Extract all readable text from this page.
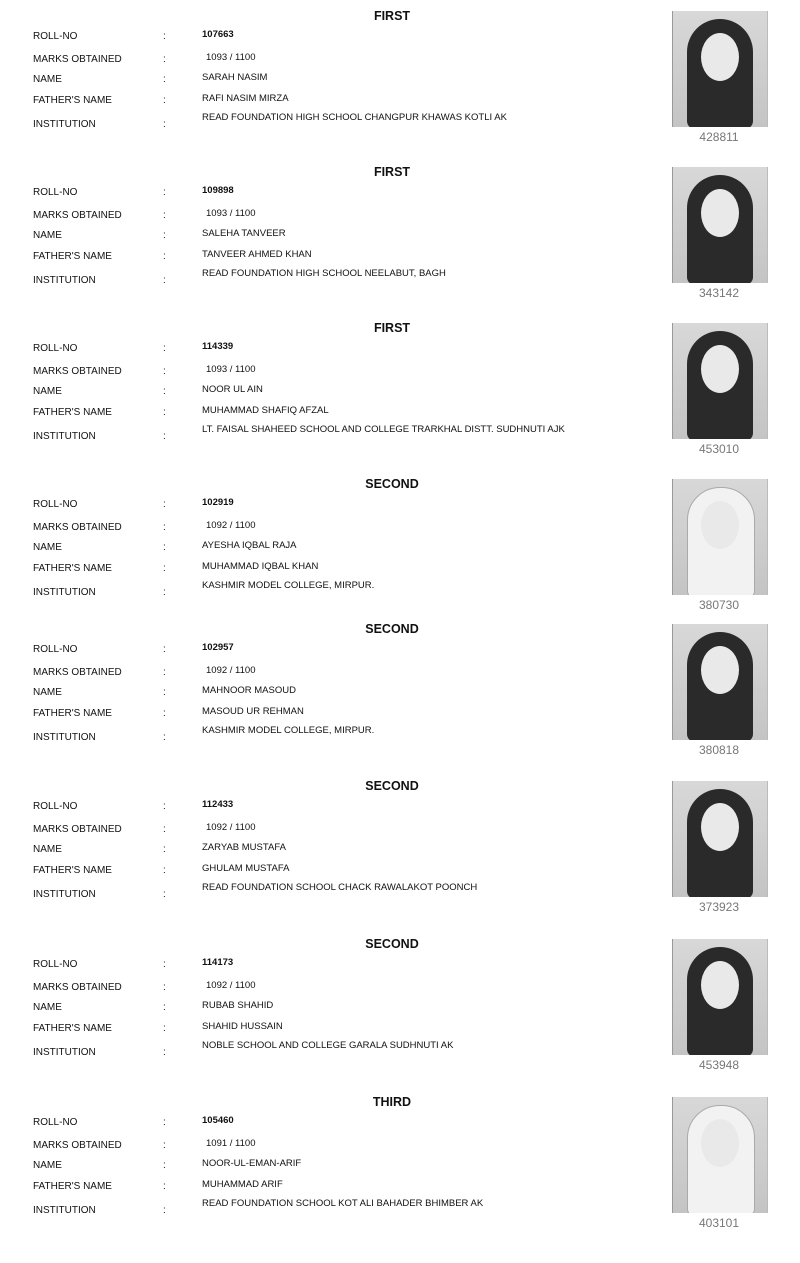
FIRST
ROLL-NO	:	107663
MARKS OBTAINED	:	1093 / 1100
NAME	:	SARAH NASIM
FATHER'S NAME	:	RAFI NASIM MIRZA
INSTITUTION	:
READ FOUNDATION HIGH SCHOOL CHANGPUR KHAWAS KOTLI AK
428811
FIRST
ROLL-NO	:	109898
MARKS OBTAINED	:	1093 / 1100
NAME	:	SALEHA TANVEER
FATHER'S NAME	:	TANVEER AHMED KHAN
INSTITUTION	:
READ FOUNDATION HIGH SCHOOL NEELABUT, BAGH
343142
FIRST
ROLL-NO	:	114339
MARKS OBTAINED	:	1093 / 1100
NAME	:	NOOR UL AIN
FATHER'S NAME	:	MUHAMMAD SHAFIQ AFZAL
INSTITUTION	:
LT. FAISAL SHAHEED SCHOOL AND COLLEGE TRARKHAL DISTT. SUDHNUTI AJK
453010
SECOND
ROLL-NO	:	102919
MARKS OBTAINED	:	1092 / 1100
NAME	:	AYESHA IQBAL RAJA
FATHER'S NAME	:	MUHAMMAD IQBAL KHAN
INSTITUTION	:
KASHMIR MODEL COLLEGE, MIRPUR.
380730
SECOND
ROLL-NO	:	102957
MARKS OBTAINED	:	1092 / 1100
NAME	:	MAHNOOR MASOUD
FATHER'S NAME	:	MASOUD UR REHMAN
INSTITUTION	:
KASHMIR MODEL COLLEGE, MIRPUR.
380818
SECOND
ROLL-NO	:	112433
MARKS OBTAINED	:	1092 / 1100
NAME	:	ZARYAB MUSTAFA
FATHER'S NAME	:	GHULAM MUSTAFA
INSTITUTION	:
READ FOUNDATION SCHOOL CHACK RAWALAKOT POONCH
373923
SECOND
ROLL-NO	:	114173
MARKS OBTAINED	:	1092 / 1100
NAME	:	RUBAB SHAHID
FATHER'S NAME	:	SHAHID HUSSAIN
INSTITUTION	:
NOBLE SCHOOL AND COLLEGE GARALA SUDHNUTI AK
453948
THIRD
ROLL-NO	:	105460
MARKS OBTAINED	:	1091 / 1100
NAME	:	NOOR-UL-EMAN-ARIF
FATHER'S NAME	:	MUHAMMAD ARIF
INSTITUTION	:
READ FOUNDATION SCHOOL KOT ALI BAHADER BHIMBER AK
403101
